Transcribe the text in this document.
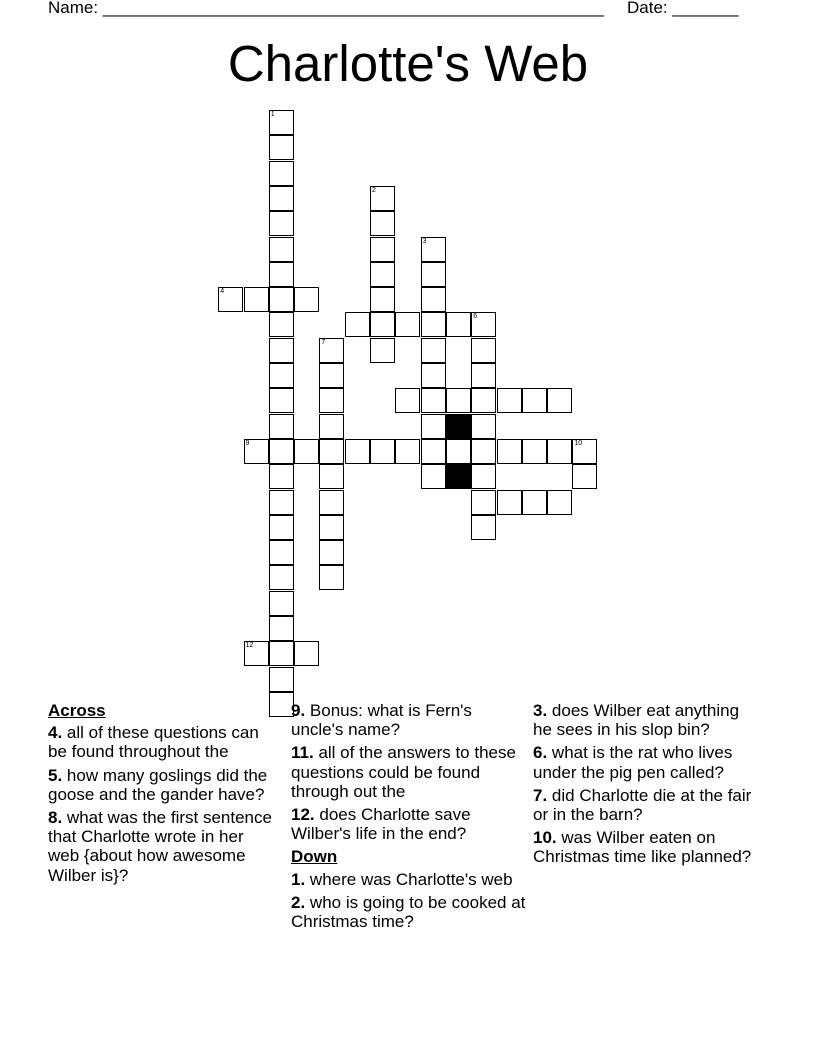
Name: _____________________________________________________ Date: _______
Charlotte's Web
1
2
3
4
6
7
9	10
12

Across

4. all of these questions can be found throughout the

5. how many goslings did the goose and the gander have?

8. what was the first sentence that Charlotte wrote in her web {about how awesome Wilber is}?

9. Bonus: what is Fern's uncle's name?

11. all of the answers to these questions could be found through out the

12. does Charlotte save Wilber's life in the end?

Down

1. where was Charlotte's web

2. who is going to be cooked at Christmas time?

3. does Wilber eat anything he sees in his slop bin?

6. what is the rat who lives under the pig pen called?

7. did Charlotte die at the fair or in the barn?

10. was Wilber eaten on Christmas time like planned?
